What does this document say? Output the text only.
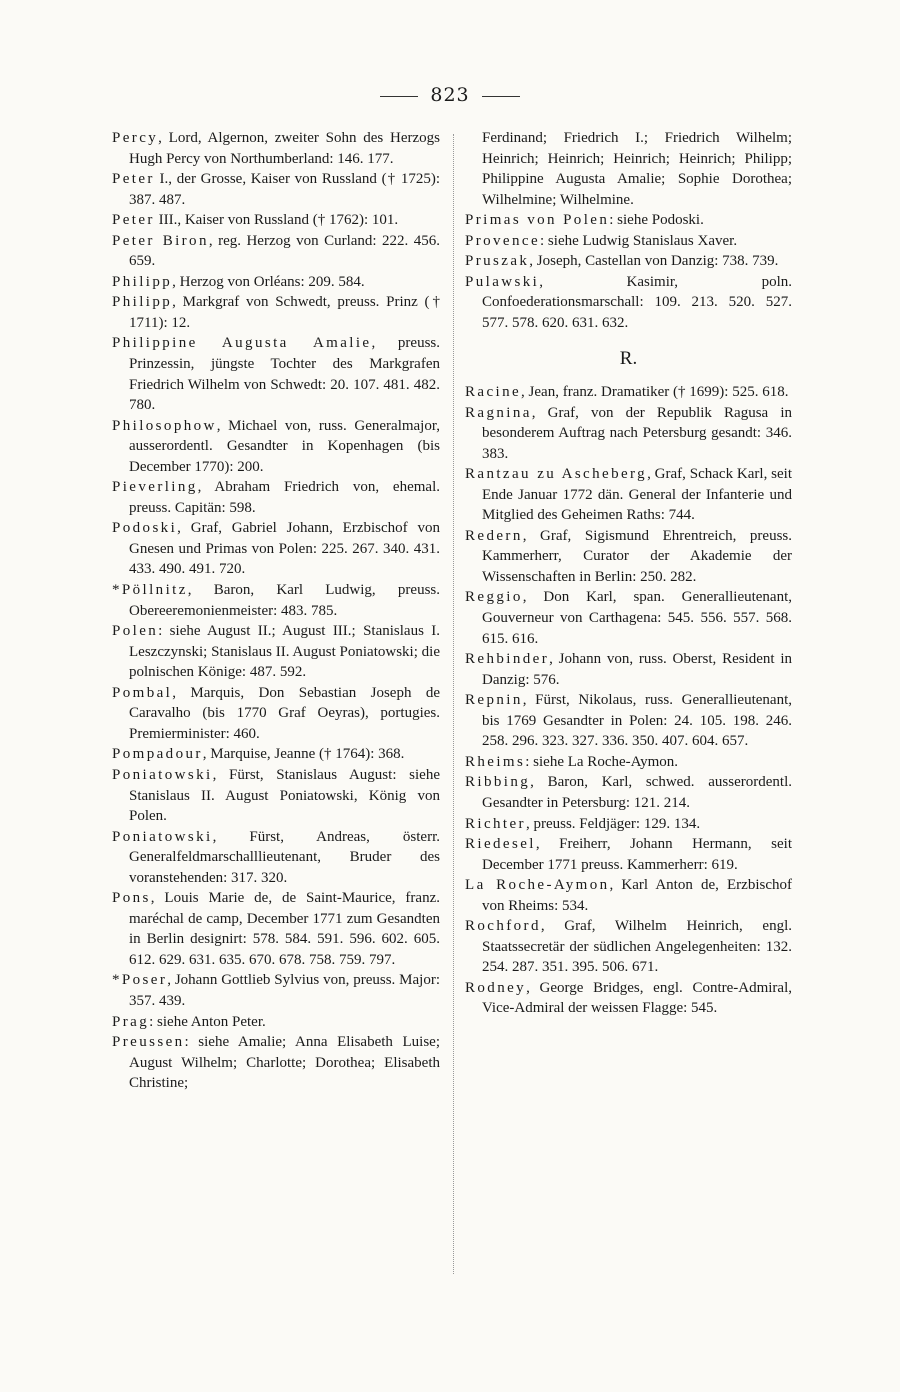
823

Percy, Lord, Algernon, zweiter Sohn des Herzogs Hugh Percy von Northumberland: 146. 177.

Peter I., der Grosse, Kaiser von Russland († 1725): 387. 487.

Peter III., Kaiser von Russland († 1762): 101.

Peter Biron, reg. Herzog von Curland: 222. 456. 659.

Philipp, Herzog von Orléans: 209. 584.

Philipp, Markgraf von Schwedt, preuss. Prinz († 1711): 12.

Philippine Augusta Amalie, preuss. Prinzessin, jüngste Tochter des Markgrafen Friedrich Wilhelm von Schwedt: 20. 107. 481. 482. 780.

Philosophow, Michael von, russ. Generalmajor, ausserordentl. Gesandter in Kopenhagen (bis December 1770): 200.

Pieverling, Abraham Friedrich von, ehemal. preuss. Capitän: 598.

Podoski, Graf, Gabriel Johann, Erzbischof von Gnesen und Primas von Polen: 225. 267. 340. 431. 433. 490. 491. 720.

*Pöllnitz, Baron, Karl Ludwig, preuss. Obereeremonienmeister: 483. 785.

Polen: siehe August II.; August III.; Stanislaus I. Leszczynski; Stanislaus II. August Poniatowski; die polnischen Könige: 487. 592.

Pombal, Marquis, Don Sebastian Joseph de Caravalho (bis 1770 Graf Oeyras), portugies. Premierminister: 460.

Pompadour, Marquise, Jeanne († 1764): 368.

Poniatowski, Fürst, Stanislaus August: siehe Stanislaus II. August Poniatowski, König von Polen.

Poniatowski, Fürst, Andreas, österr. Generalfeldmarschalllieutenant, Bruder des voranstehenden: 317. 320.

Pons, Louis Marie de, de Saint-Maurice, franz. maréchal de camp, December 1771 zum Gesandten in Berlin designirt: 578. 584. 591. 596. 602. 605. 612. 629. 631. 635. 670. 678. 758. 759. 797.

*Poser, Johann Gottlieb Sylvius von, preuss. Major: 357. 439.

Prag: siehe Anton Peter.

Preussen: siehe Amalie; Anna Elisabeth Luise; August Wilhelm; Charlotte; Dorothea; Elisabeth Christine;

Ferdinand; Friedrich I.; Friedrich Wilhelm; Heinrich; Heinrich; Heinrich; Heinrich; Philipp; Philippine Augusta Amalie; Sophie Dorothea; Wilhelmine; Wilhelmine.

Primas von Polen: siehe Podoski.

Provence: siehe Ludwig Stanislaus Xaver.

Pruszak, Joseph, Castellan von Danzig: 738. 739.

Pulawski, Kasimir, poln. Confoederationsmarschall: 109. 213. 520. 527. 577. 578. 620. 631. 632.

R.

Racine, Jean, franz. Dramatiker († 1699): 525. 618.

Ragnina, Graf, von der Republik Ragusa in besonderem Auftrag nach Petersburg gesandt: 346. 383.

Rantzau zu Ascheberg, Graf, Schack Karl, seit Ende Januar 1772 dän. General der Infanterie und Mitglied des Geheimen Raths: 744.

Redern, Graf, Sigismund Ehrentreich, preuss. Kammerherr, Curator der Akademie der Wissenschaften in Berlin: 250. 282.

Reggio, Don Karl, span. Generallieutenant, Gouverneur von Carthagena: 545. 556. 557. 568. 615. 616.

Rehbinder, Johann von, russ. Oberst, Resident in Danzig: 576.

Repnin, Fürst, Nikolaus, russ. Generallieutenant, bis 1769 Gesandter in Polen: 24. 105. 198. 246. 258. 296. 323. 327. 336. 350. 407. 604. 657.

Rheims: siehe La Roche-Aymon.

Ribbing, Baron, Karl, schwed. ausserordentl. Gesandter in Petersburg: 121. 214.

Richter, preuss. Feldjäger: 129. 134.

Riedesel, Freiherr, Johann Hermann, seit December 1771 preuss. Kammerherr: 619.

La Roche-Aymon, Karl Anton de, Erzbischof von Rheims: 534.

Rochford, Graf, Wilhelm Heinrich, engl. Staatssecretär der südlichen Angelegenheiten: 132. 254. 287. 351. 395. 506. 671.

Rodney, George Bridges, engl. Contre-Admiral, Vice-Admiral der weissen Flagge: 545.
